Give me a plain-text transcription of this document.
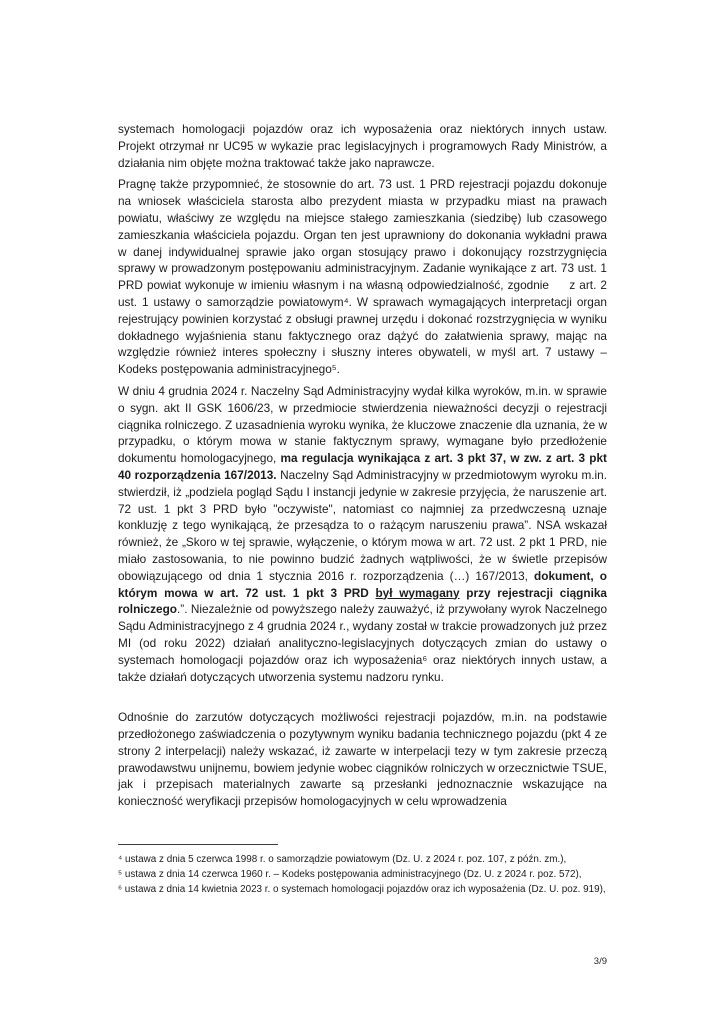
systemach homologacji pojazdów oraz ich wyposażenia oraz niektórych innych ustaw. Projekt otrzymał nr UC95 w wykazie prac legislacyjnych i programowych Rady Ministrów, a działania nim objęte można traktować także jako naprawcze.

Pragnę także przypomnieć, że stosownie do art. 73 ust. 1 PRD rejestracji pojazdu dokonuje na wniosek właściciela starosta albo prezydent miasta w przypadku miast na prawach powiatu, właściwy ze względu na miejsce stałego zamieszkania (siedzibę) lub czasowego zamieszkania właściciela pojazdu. Organ ten jest uprawniony do dokonania wykładni prawa w danej indywidualnej sprawie jako organ stosujący prawo i dokonujący rozstrzygnięcia sprawy w prowadzonym postępowaniu administracyjnym. Zadanie wynikające z art. 73 ust. 1 PRD powiat wykonuje w imieniu własnym i na własną odpowiedzialność, zgodnie     z art. 2 ust. 1 ustawy o samorządzie powiatowym⁴. W sprawach wymagających interpretacji organ rejestrujący powinien korzystać z obsługi prawnej urzędu i dokonać rozstrzygnięcia w wyniku dokładnego wyjaśnienia stanu faktycznego oraz dążyć do załatwienia sprawy, mając na względzie również interes społeczny i słuszny interes obywateli, w myśl art. 7 ustawy – Kodeks postępowania administracyjnego⁵.

W dniu 4 grudnia 2024 r. Naczelny Sąd Administracyjny wydał kilka wyroków, m.in. w sprawie o sygn. akt II GSK 1606/23, w przedmiocie stwierdzenia nieważności decyzji o rejestracji ciągnika rolniczego. Z uzasadnienia wyroku wynika, że kluczowe znaczenie dla uznania, że w przypadku, o którym mowa w stanie faktycznym sprawy, wymagane było przedłożenie dokumentu homologacyjnego, ma regulacja wynikająca z art. 3 pkt 37, w zw. z art. 3 pkt 40 rozporządzenia 167/2013. Naczelny Sąd Administracyjny w przedmiotowym wyroku m.in. stwierdził, iż „podziela pogląd Sądu I instancji jedynie w zakresie przyjęcia, że naruszenie art. 72 ust. 1 pkt 3 PRD było "oczywiste", natomiast co najmniej za przedwczesną uznaje konkluzję z tego wynikającą, że przesądza to o rażącym naruszeniu prawa”. NSA wskazał również, że „Skoro w tej sprawie, wyłączenie, o którym mowa w art. 72 ust. 2 pkt 1 PRD, nie miało zastosowania, to nie powinno budzić żadnych wątpliwości, że w świetle przepisów obowiązującego od dnia 1 stycznia 2016 r. rozporządzenia (…) 167/2013, dokument, o którym mowa w art. 72 ust. 1 pkt 3 PRD był wymagany przy rejestracji ciągnika rolniczego.”. Niezależnie od powyższego należy zauważyć, iż przywołany wyrok Naczelnego Sądu Administracyjnego z 4 grudnia 2024 r., wydany został w trakcie prowadzonych już przez MI (od roku 2022) działań analityczno-legislacyjnych dotyczących zmian do ustawy o systemach homologacji pojazdów oraz ich wyposażenia⁶ oraz niektórych innych ustaw, a także działań dotyczących utworzenia systemu nadzoru rynku.

Odnośnie do zarzutów dotyczących możliwości rejestracji pojazdów, m.in. na podstawie przedłożonego zaświadczenia o pozytywnym wyniku badania technicznego pojazdu (pkt 4 ze strony 2 interpelacji) należy wskazać, iż zawarte w interpelacji tezy w tym zakresie przeczą prawodawstwu unijnemu, bowiem jedynie wobec ciągników rolniczych w orzecznictwie TSUE, jak i przepisach materialnych zawarte są przesłanki jednoznacznie wskazujące na konieczność weryfikacji przepisów homologacyjnych w celu wprowadzenia

⁴ ustawa z dnia 5 czerwca 1998 r. o samorządzie powiatowym (Dz. U. z 2024 r. poz. 107, z późn. zm.),

⁵ ustawa z dnia 14 czerwca 1960 r. – Kodeks postępowania administracyjnego (Dz. U. z 2024 r. poz. 572),

⁶ ustawa z dnia 14 kwietnia 2023 r. o systemach homologacji pojazdów oraz ich wyposażenia (Dz. U. poz. 919),

3/9
